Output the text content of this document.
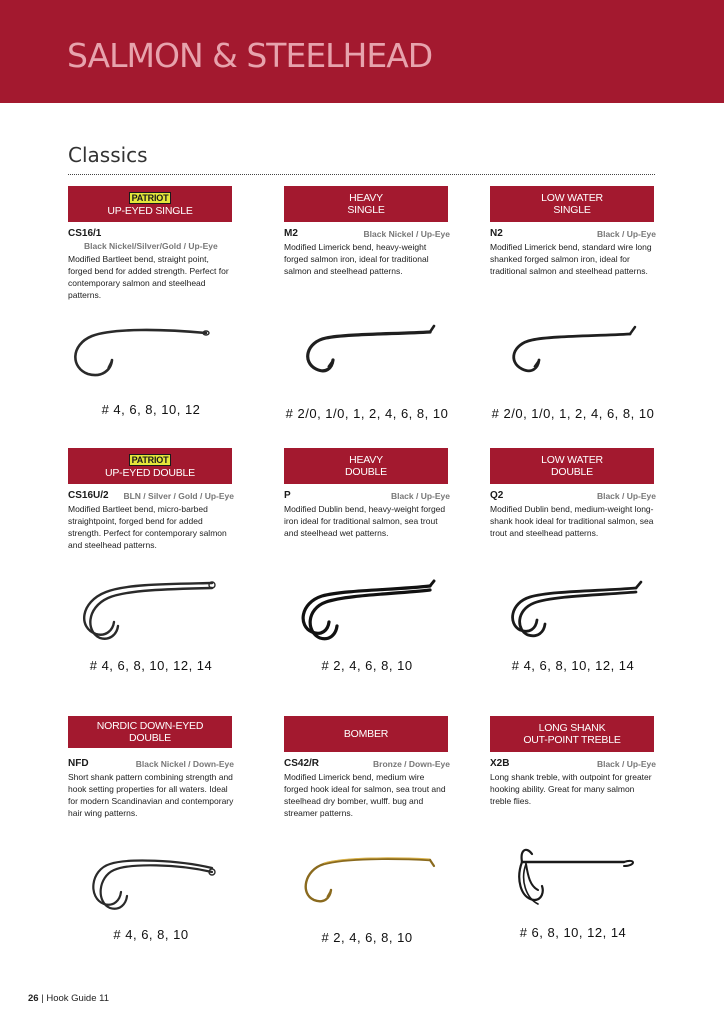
SALMON & STEELHEAD
Classics
PATRIOT
UP-EYED SINGLE
CS16/1
Black Nickel/Silver/Gold / Up-Eye

Modified Bartleet bend, straight point, forged bend for added strength. Perfect for contemporary salmon and steelhead patterns.

# 4, 6, 8, 10, 12
HEAVY
SINGLE
M2	Black Nickel / Up-Eye

Modified Limerick bend, heavy-weight forged salmon iron, ideal for traditional salmon and steelhead patterns.

# 2/0, 1/0, 1, 2, 4, 6, 8, 10
LOW WATER
SINGLE
N2	Black / Up-Eye

Modified Limerick bend, standard wire long shanked forged salmon iron, ideal for traditional salmon and steelhead patterns.

# 2/0, 1/0, 1, 2, 4, 6, 8, 10
PATRIOT
UP-EYED DOUBLE
CS16U/2 BLN / Silver / Gold / Up-Eye

Modified Bartleet bend, micro-barbed straightpoint, forged bend for added strength. Perfect for contemporary salmon and steelhead patterns.

# 4, 6, 8, 10, 12, 14
HEAVY
DOUBLE
P	Black / Up-Eye

Modified Dublin bend, heavy-weight forged iron ideal for traditional salmon, sea trout and steelhead wet patterns.

# 2, 4, 6, 8, 10
LOW WATER
DOUBLE
Q2	Black / Up-Eye

Modified Dublin bend, medium-weight long-shank hook ideal for traditional salmon, sea trout and steelhead patterns.

# 4, 6, 8, 10, 12, 14
NORDIC DOWN-EYED
DOUBLE
NFD	Black Nickel / Down-Eye

Short shank pattern combining strength and hook setting properties for all waters. Ideal for modern Scandinavian and contemporary hair wing patterns.

# 4, 6, 8, 10
BOMBER
CS42/R	Bronze / Down-Eye

Modified Limerick bend, medium wire forged hook ideal for salmon, sea trout and steelhead dry bomber, wulff. bug and streamer patterns.

# 2, 4, 6, 8, 10
LONG SHANK
OUT-POINT TREBLE
X2B	Black / Up-Eye

Long shank treble, with outpoint for greater hooking ability. Great for many salmon treble flies.

# 6, 8, 10, 12, 14
26 | Hook Guide 11
